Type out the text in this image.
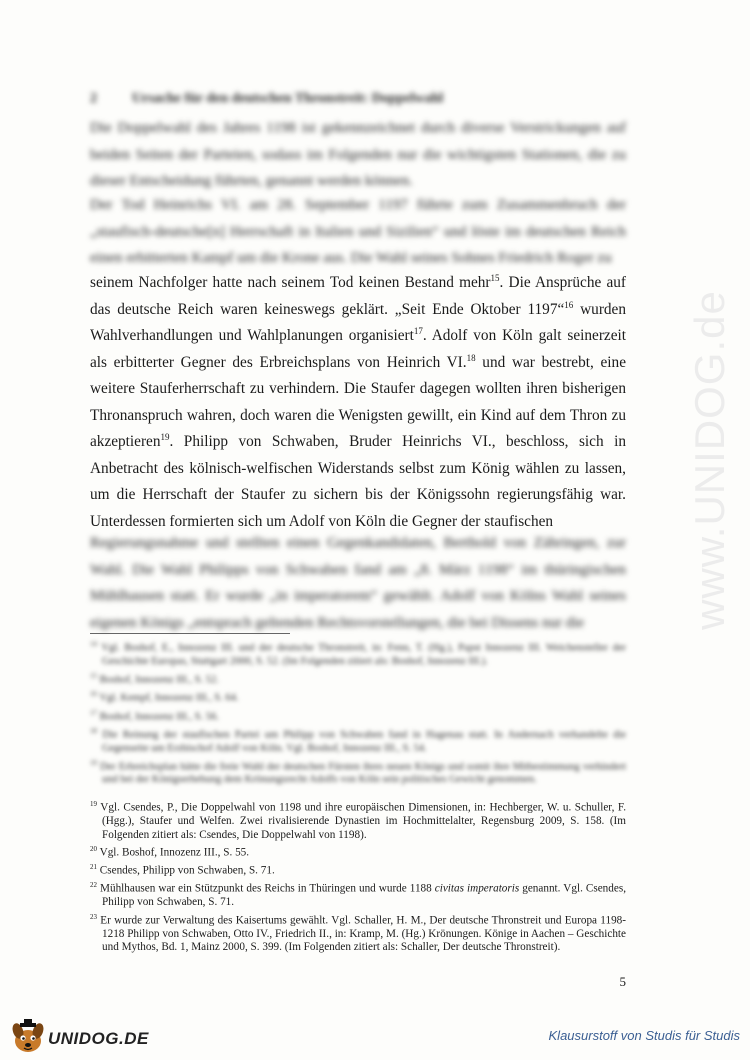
www.UNIDOG.de
2	Ursache für den deutschen Thronstreit: Doppelwahl
Die Doppelwahl des Jahres 1198 ist gekennzeichnet durch diverse Verstrickungen auf beiden Seiten der Parteien, sodass im Folgenden nur die wichtigsten Stationen, die zu dieser Entscheidung führten, genannt werden können.
Der Tod Heinrichs VI. am 28. September 1197 führte zum Zusammenbruch der „staufisch-deutsche[n] Herrschaft in Italien und Sizilien“ und löste im deutschen Reich einen erbitterten Kampf um die Krone aus. Die Wahl seines Sohnes Friedrich Roger zu
seinem Nachfolger hatte nach seinem Tod keinen Bestand mehr$^{15}$. Die Ansprüche auf das deutsche Reich waren keineswegs geklärt. „Seit Ende Oktober 1197“$^{16}$ wurden Wahlverhandlungen und Wahlplanungen organisiert$^{17}$. Adolf von Köln galt seinerzeit als erbitterter Gegner des Erbreichsplans von Heinrich VI.$^{18}$ und war bestrebt, eine weitere Stauferherrschaft zu verhindern. Die Staufer dagegen wollten ihren bisherigen Thronanspruch wahren, doch waren die Wenigsten gewillt, ein Kind auf dem Thron zu akzeptieren$^{19}$. Philipp von Schwaben, Bruder Heinrichs VI., beschloss, sich in Anbetracht des kölnisch-welfischen Widerstands selbst zum König wählen zu lassen, um die Herrschaft der Staufer zu sichern bis der Königssohn regierungsfähig war. Unterdessen formierten sich um Adolf von Köln die Gegner der staufischen
Regierungsnahme und stellten einen Gegenkandidaten, Berthold von Zähringen, zur Wahl. Die Wahl Philipps von Schwaben fand am „8. März 1198“ im thüringischen Mühlhausen statt. Er wurde „in imperatorem“ gewählt. Adolf von Kölns Wahl seines eigenen Königs „entsprach geltenden Rechtsvorstellungen, die bei Dissens nur die

$^{14}$ Vgl. Boshof, E., Innozenz III. und der deutsche Thronstreit, in: Fenn, T. (Hg.), Papst Innozenz III. Weichensteller der Geschichte Europas, Stuttgart 2000, S. 52. (Im Folgenden zitiert als: Boshof, Innozenz III.).

$^{15}$ Boshof, Innozenz III., S. 52.

$^{16}$ Vgl. Kempf, Innozenz III., S. 64.

$^{17}$ Boshof, Innozenz III., S. 56.

$^{18}$ Die Reinung der staufischen Partei um Philipp von Schwaben fand in Hagenau statt. In Andernach verhandelte die Gegenseite um Erzbischof Adolf von Köln. Vgl. Boshof, Innozenz III., S. 54.

$^{19}$ Der Erbreichsplan hätte die freie Wahl der deutschen Fürsten ihres neuen Königs und somit ihre Mitbestimmung verhindert und bei der Königserhebung dem Krönungsrecht Adolfs von Köln sein politisches Gewicht genommen.

$^{19}$ Vgl. Csendes, P., Die Doppelwahl von 1198 und ihre europäischen Dimensionen, in: Hechberger, W. u. Schuller, F. (Hgg.), Staufer und Welfen. Zwei rivalisierende Dynastien im Hochmittelalter, Regensburg 2009, S. 158. (Im Folgenden zitiert als: Csendes, Die Doppelwahl von 1198).

$^{20}$ Vgl. Boshof, Innozenz III., S. 55.

$^{21}$ Csendes, Philipp von Schwaben, S. 71.

$^{22}$ Mühlhausen war ein Stützpunkt des Reichs in Thüringen und wurde 1188 civitas imperatoris genannt. Vgl. Csendes, Philipp von Schwaben, S. 71.

$^{23}$ Er wurde zur Verwaltung des Kaisertums gewählt. Vgl. Schaller, H. M., Der deutsche Thronstreit und Europa 1198-1218 Philipp von Schwaben, Otto IV., Friedrich II., in: Kramp, M. (Hg.) Krönungen. Könige in Aachen – Geschichte und Mythos, Bd. 1, Mainz 2000, S. 399. (Im Folgenden zitiert als: Schaller, Der deutsche Thronstreit).

5
UNIDOG.DE	Klausurstoff von Studis für Studis
